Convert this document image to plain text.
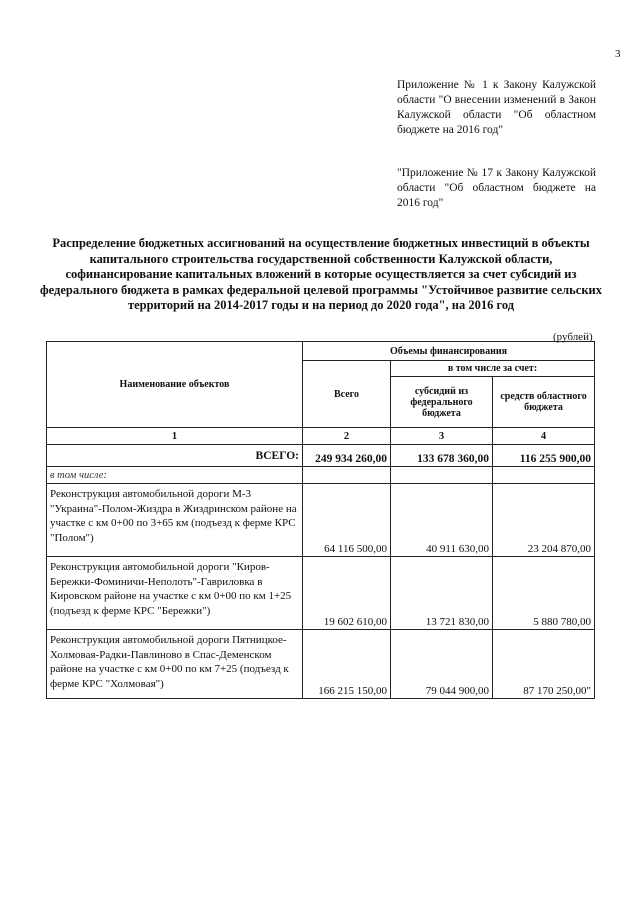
3
Приложение № 1 к Закону Калужской области "О внесении изменений в Закон Калужской области "Об областном бюджете на 2016 год"
"Приложение № 17 к Закону Калужской области "Об областном бюджете на 2016 год"
Распределение бюджетных ассигнований на осуществление бюджетных инвестиций в объекты капитального строительства государственной собственности Калужской области, софинансирование капитальных вложений в которые осуществляется за счет субсидий из федерального бюджета в рамках федеральной целевой программы "Устойчивое развитие сельских территорий на 2014-2017 годы и на период до 2020 года", на 2016 год
(рублей)
Наименование объектов	Объемы финансирования		
	Всего	в том числе за счет:	
		субсидий из федерального бюджета	средств областного бюджета
1	2	3	4
ВСЕГО:	249 934 260,00	133 678 360,00	116 255 900,00
в том числе:			
Реконструкция автомобильной дороги М-3 "Украина"-Полом-Жиздра в Жиздринском районе на участке с км 0+00 по 3+65 км (подъезд к ферме КРС "Полом")	64 116 500,00	40 911 630,00	23 204 870,00
Реконструкция автомобильной дороги "Киров-Бережки-Фоминичи-Неполоть"-Гавриловка в Кировском районе на участке с км 0+00 по км 1+25 (подъезд к ферме КРС "Бережки")	19 602 610,00	13 721 830,00	5 880 780,00
Реконструкция автомобильной дороги Пятницкое-Холмовая-Радки-Павлиново в Спас-Деменском районе на участке с км 0+00 по км 7+25 (подъезд к ферме КРС "Холмовая")	166 215 150,00	79 044 900,00	87 170 250,00"
